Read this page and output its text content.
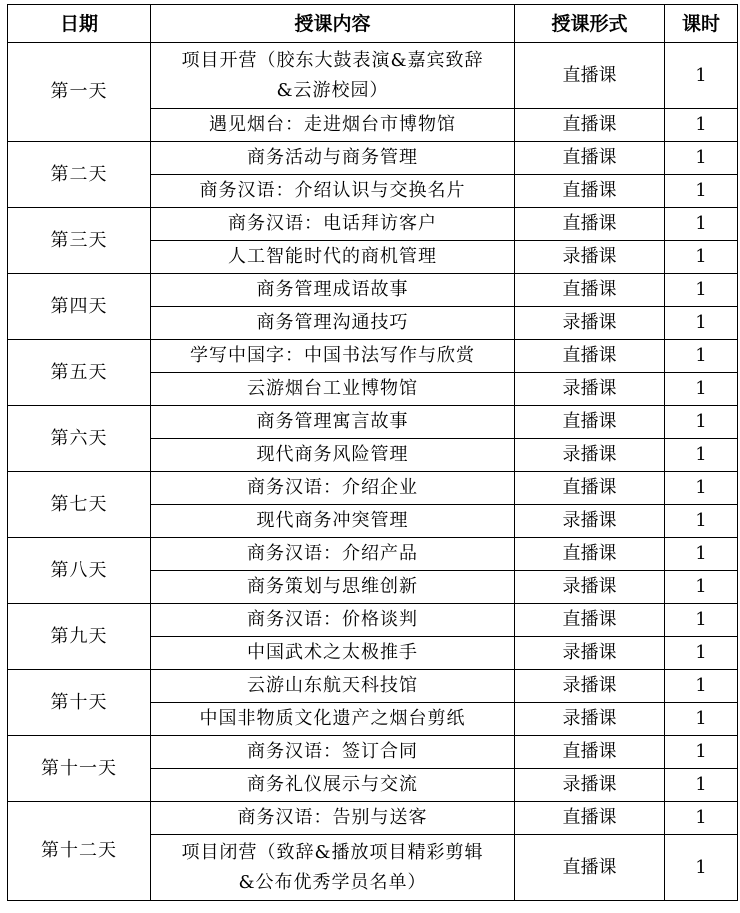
日期	授课内容	授课形式	课时
第一天	项目开营（胶东大鼓表演&嘉宾致辞&云游校园）	直播课	1
	遇见烟台：走进烟台市博物馆	直播课	1
第二天	商务活动与商务管理	直播课	1
	商务汉语：介绍认识与交换名片	直播课	1
第三天	商务汉语：电话拜访客户	直播课	1
	人工智能时代的商机管理	录播课	1
第四天	商务管理成语故事	直播课	1
	商务管理沟通技巧	录播课	1
第五天	学写中国字：中国书法写作与欣赏	直播课	1
	云游烟台工业博物馆	录播课	1
第六天	商务管理寓言故事	直播课	1
	现代商务风险管理	录播课	1
第七天	商务汉语：介绍企业	直播课	1
	现代商务冲突管理	录播课	1
第八天	商务汉语：介绍产品	直播课	1
	商务策划与思维创新	录播课	1
第九天	商务汉语：价格谈判	直播课	1
	中国武术之太极推手	录播课	1
第十天	云游山东航天科技馆	录播课	1
	中国非物质文化遗产之烟台剪纸	录播课	1
第十一天	商务汉语：签订合同	直播课	1
	商务礼仪展示与交流	录播课	1
第十二天	商务汉语：告别与送客	直播课	1
	项目闭营（致辞&播放项目精彩剪辑&公布优秀学员名单）	直播课	1
